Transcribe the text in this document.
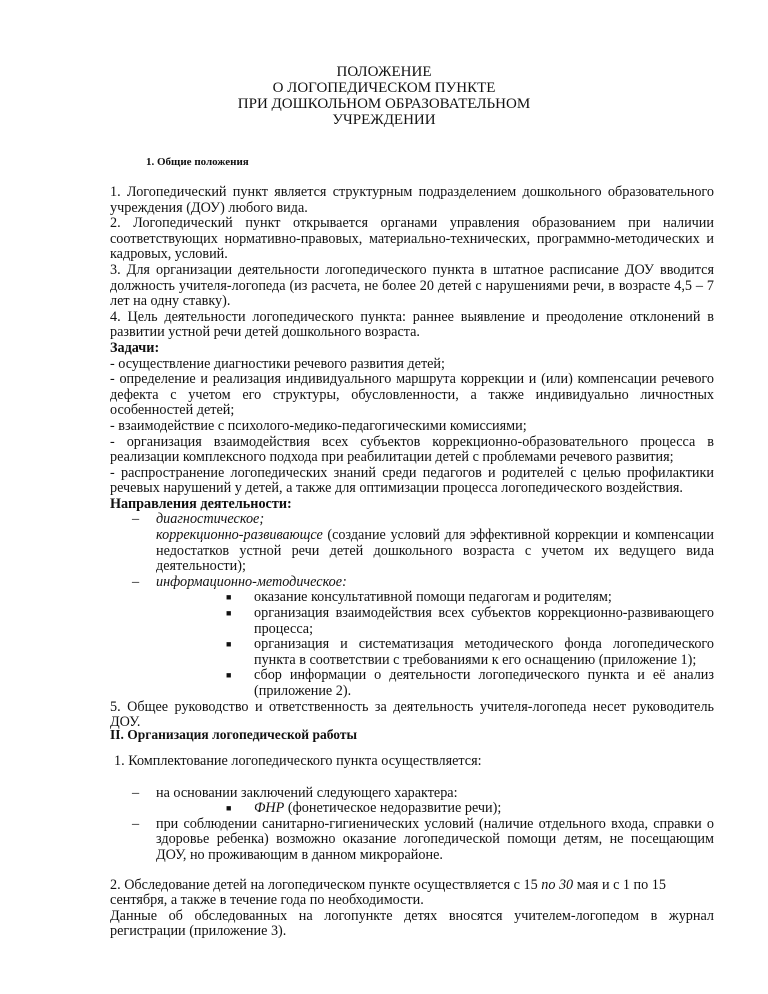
ПОЛОЖЕНИЕ
О ЛОГОПЕДИЧЕСКОМ ПУНКТЕ
ПРИ ДОШКОЛЬНОМ ОБРАЗОВАТЕЛЬНОМ
УЧРЕЖДЕНИИ
1. Общие положения
1. Логопедический пункт является структурным подразделением дошкольного образовательного учреждения (ДОУ) любого вида.
2. Логопедический пункт открывается органами управления образованием при наличии соответствующих нормативно-правовых, материально-технических, программно-методических и кадровых, условий.
3. Для организации деятельности логопедического пункта в штатное расписание ДОУ вводится должность учителя-логопеда (из расчета, не более 20 детей с нарушениями речи, в возрасте 4,5 – 7 лет на одну ставку).
4. Цель деятельности логопедического пункта: раннее выявление и преодоление отклонений в развитии устной речи детей дошкольного возраста.
Задачи:
- осуществление диагностики речевого развития детей;
- определение и реализация индивидуального маршрута коррекции и (или) компенсации речевого дефекта с учетом его структуры, обусловленности, а также индивидуально личностных особенностей детей;
- взаимодействие с психолого-медико-педагогическими комиссиями;
- организация взаимодействия всех субъектов коррекционно-образовательного процесса в реализации комплексного подхода при реабилитации детей с проблемами речевого развития;
- распространение логопедических знаний среди педагогов и родителей с целью профилактики речевых нарушений у детей, а также для оптимизации процесса логопедического воздействия.
Направления деятельности:
– диагностическое;
коррекционно-развивающсе (создание условий для эффективной коррекции и компенсации недостатков устной речи детей дошкольного возраста с учетом их ведущего вида деятельности);
– информационно-методическое:
■	оказание консультативной помощи педагогам и родителям;
■	организация взаимодействия всех субъектов коррекционно-развивающего процесса;
■	организация и систематизация методического фонда логопедического пункта в соответствии с требованиями к его оснащению (приложение 1);
■	сбор информации о деятельности логопедического пункта и её анализ (приложение 2).
5. Общее руководство и ответственность за деятельность учителя-логопеда несет руководитель ДОУ.
II. Организация логопедической работы
1. Комплектование логопедического пункта осуществляется:
– на основании заключений следующего характера:
■	ФНР (фонетическое недоразвитие речи);
– при соблюдении санитарно-гигиенических условий (наличие отдельного входа, справки о здоровье ребенка) возможно оказание логопедической помощи детям, не посещающим ДОУ, но проживающим в данном микрорайоне.
2. Обследование детей на логопедическом пункте осуществляется с 15 по 30 мая и с 1 по 15 сентября, а также в течение года по необходимости.
Данные об обследованных на логопункте детях вносятся учителем-логопедом в журнал регистрации (приложение 3).
